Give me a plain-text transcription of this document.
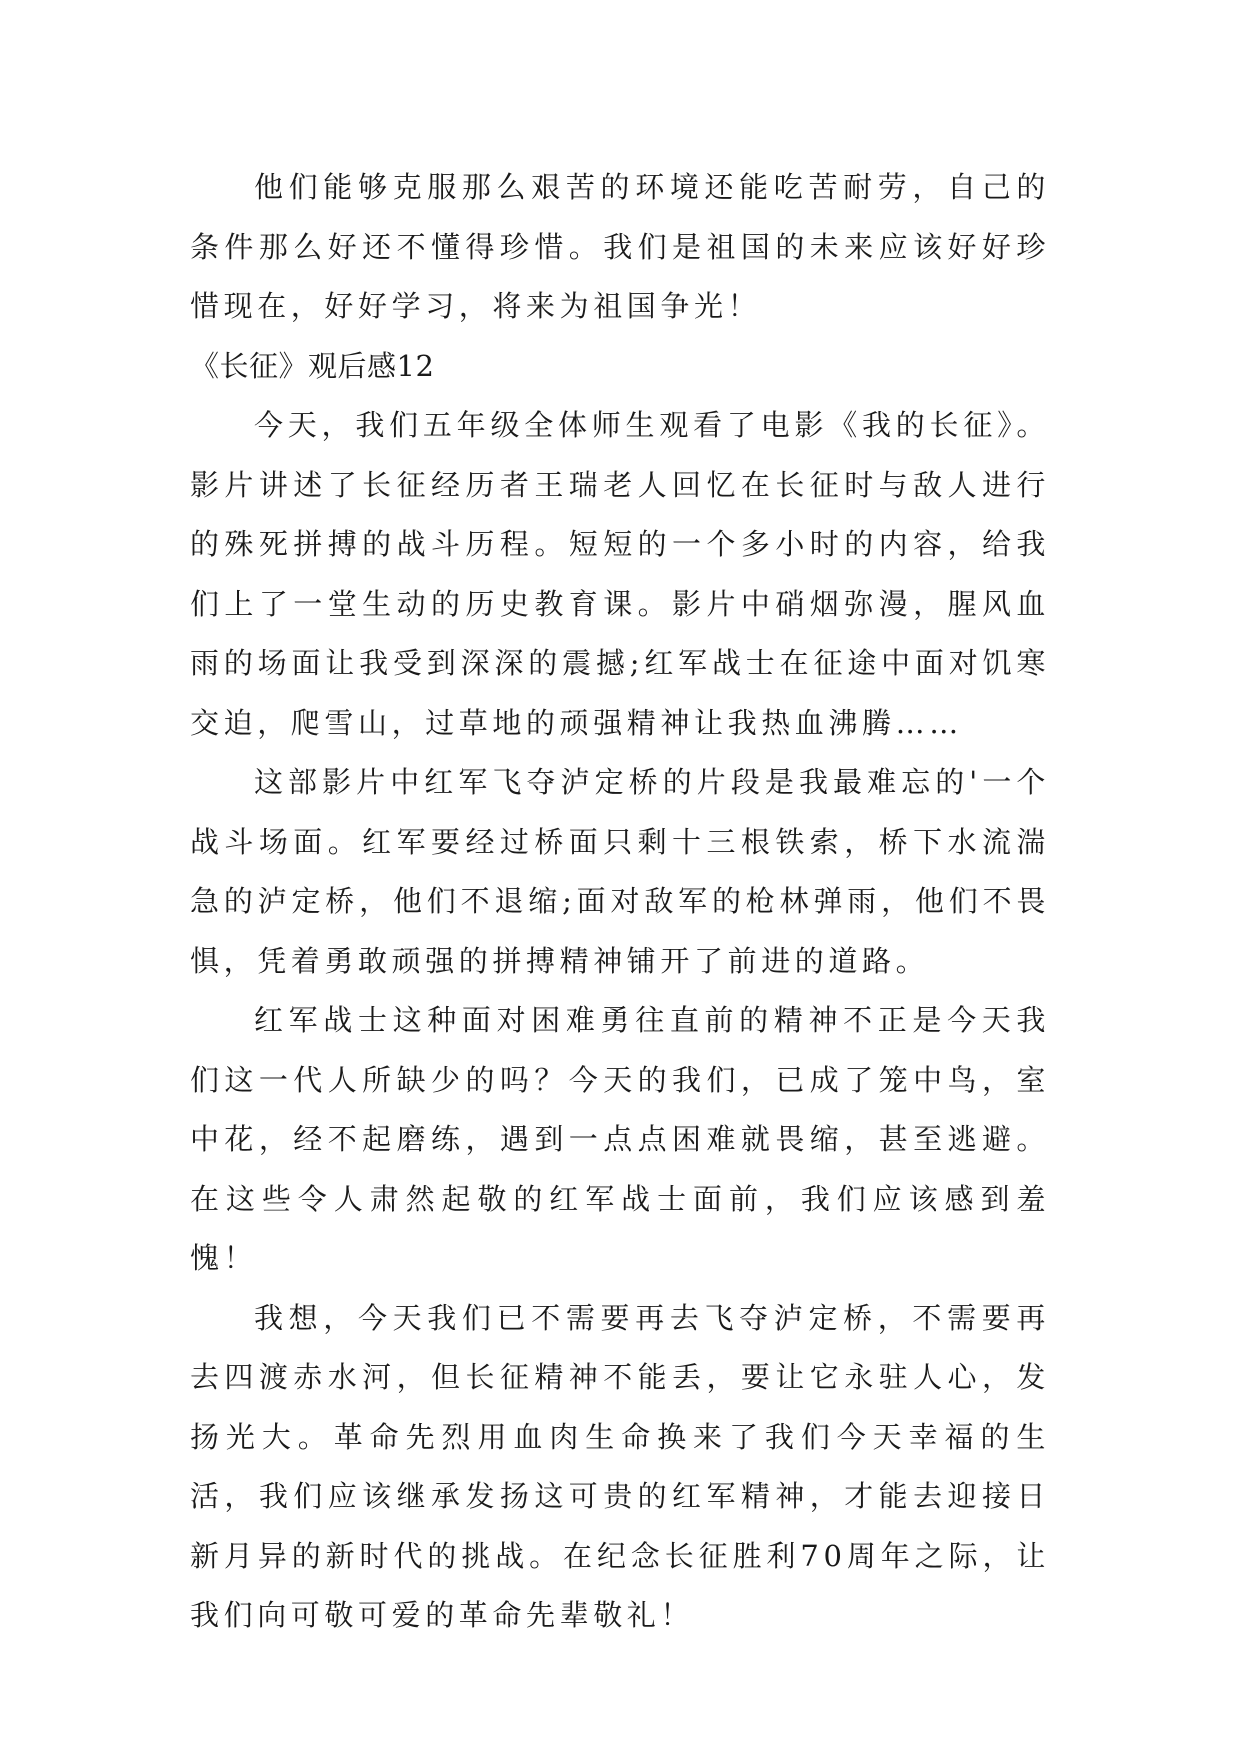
他们能够克服那么艰苦的环境还能吃苦耐劳，自己的条件那么好还不懂得珍惜。我们是祖国的未来应该好好珍惜现在，好好学习，将来为祖国争光！

《长征》观后感12

今天，我们五年级全体师生观看了电影《我的长征》。影片讲述了长征经历者王瑞老人回忆在长征时与敌人进行的殊死拼搏的战斗历程。短短的一个多小时的内容，给我们上了一堂生动的历史教育课。影片中硝烟弥漫，腥风血雨的场面让我受到深深的震撼;红军战士在征途中面对饥寒交迫，爬雪山，过草地的顽强精神让我热血沸腾……

这部影片中红军飞夺泸定桥的片段是我最难忘的'一个战斗场面。红军要经过桥面只剩十三根铁索，桥下水流湍急的泸定桥，他们不退缩;面对敌军的枪林弹雨，他们不畏惧，凭着勇敢顽强的拼搏精神铺开了前进的道路。

红军战士这种面对困难勇往直前的精神不正是今天我们这一代人所缺少的吗？今天的我们，已成了笼中鸟，室中花，经不起磨练，遇到一点点困难就畏缩，甚至逃避。在这些令人肃然起敬的红军战士面前，我们应该感到羞愧！

我想，今天我们已不需要再去飞夺泸定桥，不需要再去四渡赤水河，但长征精神不能丢，要让它永驻人心，发扬光大。革命先烈用血肉生命换来了我们今天幸福的生活，我们应该继承发扬这可贵的红军精神，才能去迎接日新月异的新时代的挑战。在纪念长征胜利70周年之际，让我们向可敬可爱的革命先辈敬礼！
